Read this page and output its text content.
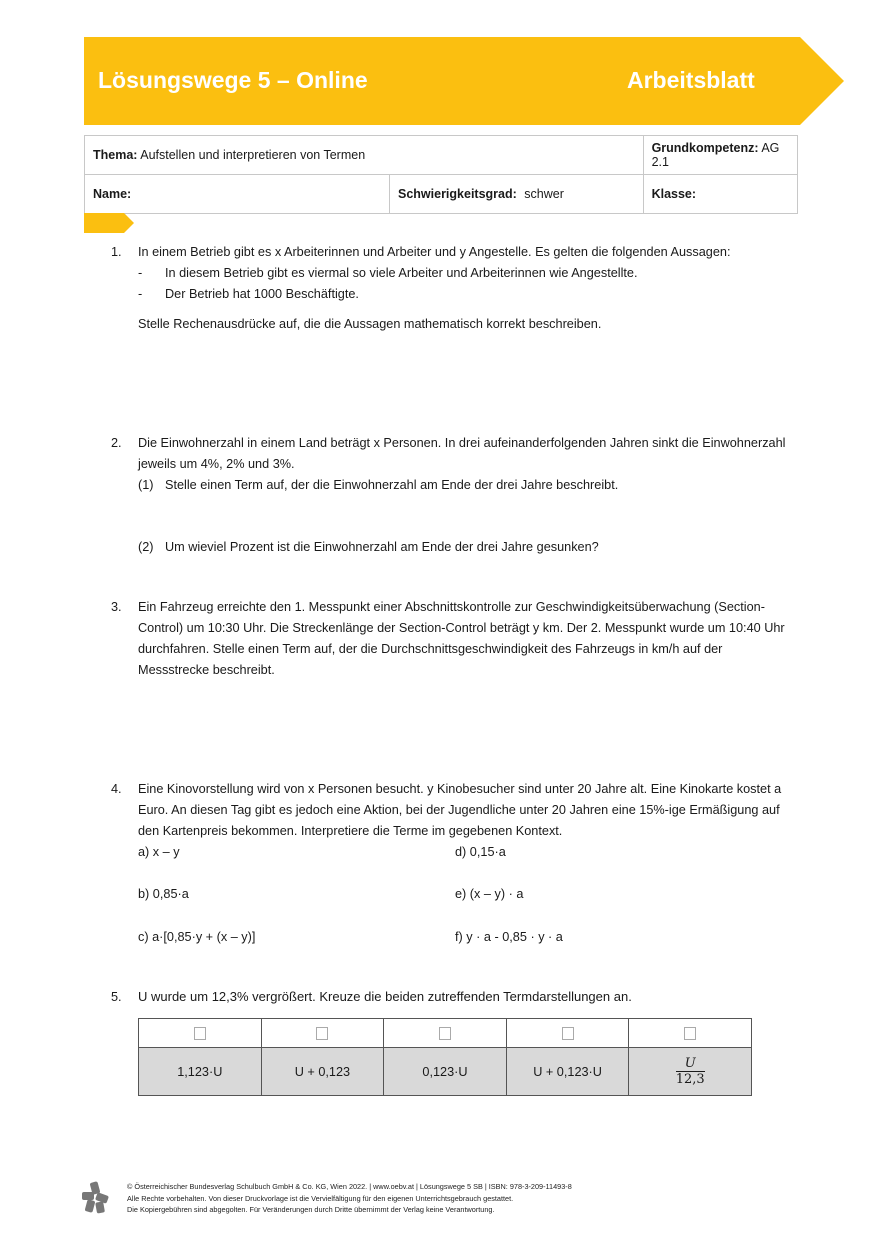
Lösungswege 5 – Online	Arbeitsblatt
Thema: Aufstellen und interpretieren von Termen		Grundkompetenz: AG 2.1
Name:	Schwierigkeitsgrad: schwer	Klasse:
1. In einem Betrieb gibt es x Arbeiterinnen und Arbeiter und y Angestelle. Es gelten die folgenden Aussagen:
- In diesem Betrieb gibt es viermal so viele Arbeiter und Arbeiterinnen wie Angestellte.
- Der Betrieb hat 1000 Beschäftigte.
Stelle Rechenausdrücke auf, die die Aussagen mathematisch korrekt beschreiben.
2. Die Einwohnerzahl in einem Land beträgt x Personen. In drei aufeinanderfolgenden Jahren sinkt die Einwohnerzahl
jeweils um 4%, 2% und 3%.
(1) Stelle einen Term auf, der die Einwohnerzahl am Ende der drei Jahre beschreibt.
(2) Um wieviel Prozent ist die Einwohnerzahl am Ende der drei Jahre gesunken?
3. Ein Fahrzeug erreichte den 1. Messpunkt einer Abschnittskontrolle zur Geschwindigkeitsüberwachung (Section-
Control) um 10:30 Uhr. Die Streckenlänge der Section-Control beträgt y km. Der 2. Messpunkt wurde um 10:40 Uhr
durchfahren. Stelle einen Term auf, der die Durchschnittsgeschwindigkeit des Fahrzeugs in km/h auf der
Messstrecke beschreibt.
4. Eine Kinovorstellung wird von x Personen besucht. y Kinobesucher sind unter 20 Jahre alt. Eine Kinokarte kostet a
Euro. An diesen Tag gibt es jedoch eine Aktion, bei der Jugendliche unter 20 Jahren eine 15%-ige Ermäßigung auf
den Kartenpreis bekommen. Interpretiere die Terme im gegebenen Kontext.
a) x – y	d) 0,15·a
b) 0,85·a	e) (x – y) · a
c) a·[0,85·y + (x – y)]	f) y · a - 0,85 · y · a
5. U wurde um 12,3% vergrößert. Kreuze die beiden zutreffenden Termdarstellungen an.

1,123·U	U + 0,123	0,123·U	U + 0,123·U	$\frac{U}{12,3}$
© Österreichischer Bundesverlag Schulbuch GmbH & Co. KG, Wien 2022. | www.oebv.at | Lösungswege 5 SB | ISBN: 978-3-209-11493-8
Alle Rechte vorbehalten. Von dieser Druckvorlage ist die Vervielfältigung für den eigenen Unterrichtsgebrauch gestattet.
Die Kopiergebühren sind abgegolten. Für Veränderungen durch Dritte übernimmt der Verlag keine Verantwortung.
